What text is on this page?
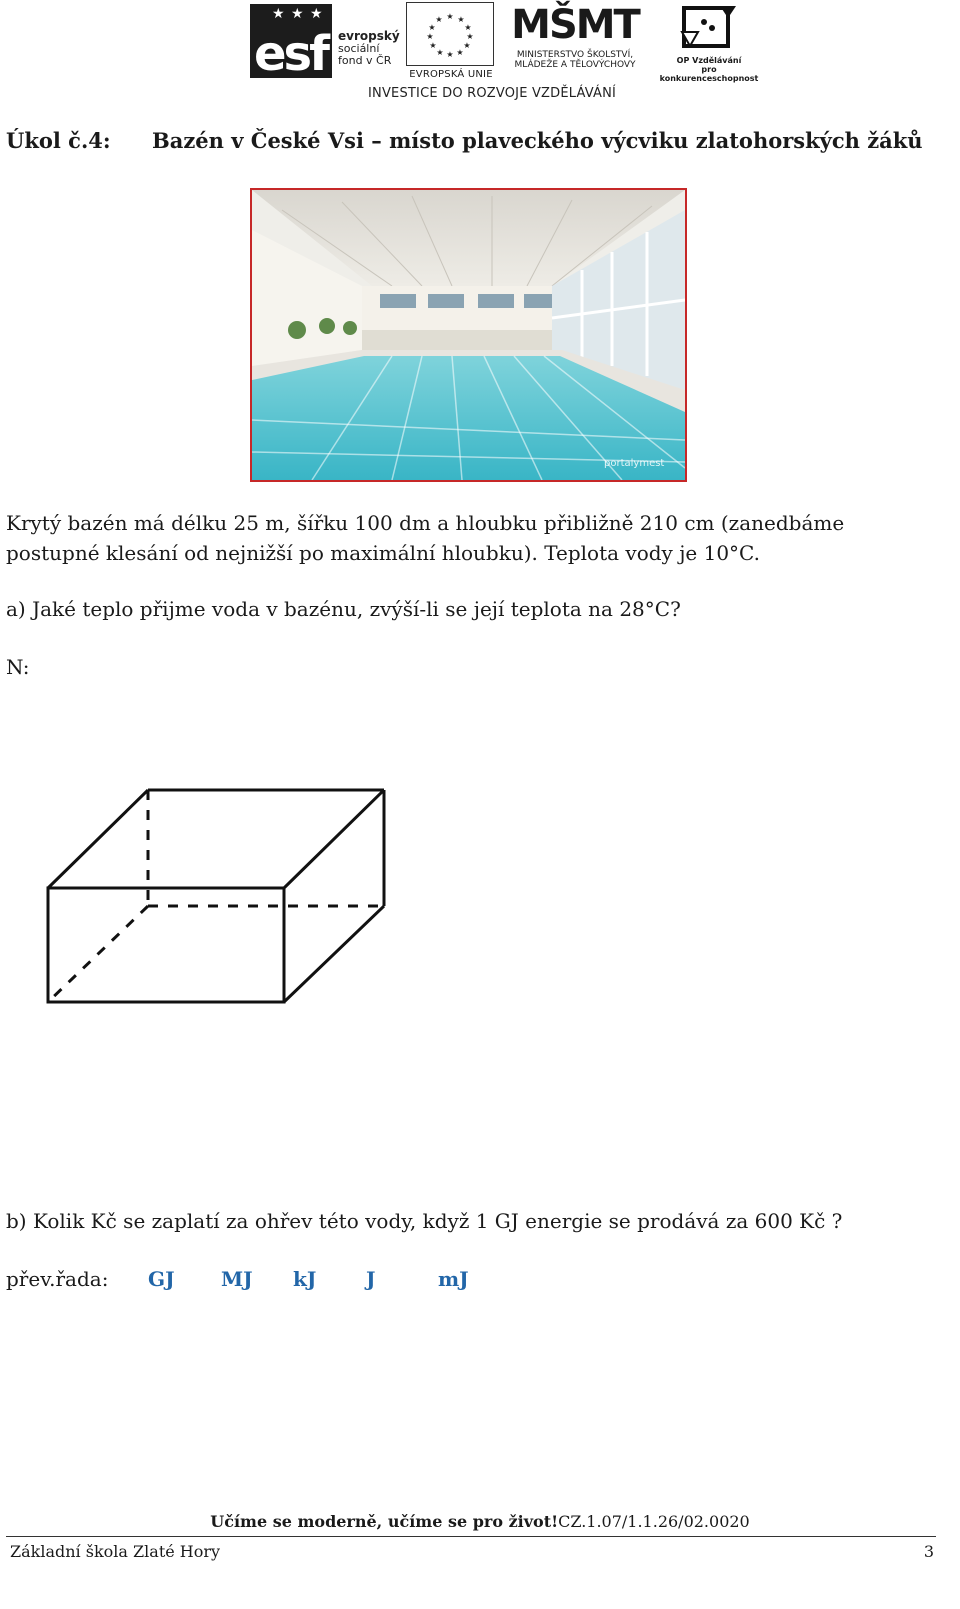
★ ★ ★
esf evropský
sociální
fond v ČR
★ ★
★
★
★
★
★
★
★
★
★
★
EVROPSKÁ UNIE
MŠMT
MINISTERSTVO ŠKOLSTVÍ,
MLÁDEŽE A TĚLOVÝCHOVY	OP Vzdělávání
pro konkurenceschopnost
INVESTICE DO ROZVOJE VZDĚLÁVÁNÍ
Úkol č.4: Bazén v České Vsi – místo plaveckého výcviku zlatohorských žáků
portalymest
Krytý bazén má délku 25 m, šířku 100 dm a hloubku přibližně 210 cm (zanedbáme postupné klesání od nejnižší po maximální hloubku). Teplota vody je 10°C.
a) Jaké teplo přijme voda v bazénu, zvýší-li se její teplota na 28°C?
N:
b) Kolik Kč se zaplatí za ohřev této vody, když 1 GJ energie se prodává za 600 Kč ?
přev.řada: GJ MJ kJ J	mJ
Učíme se moderně, učíme se pro život!CZ.1.07/1.1.26/02.0020
Základní škola Zlaté Hory	3
